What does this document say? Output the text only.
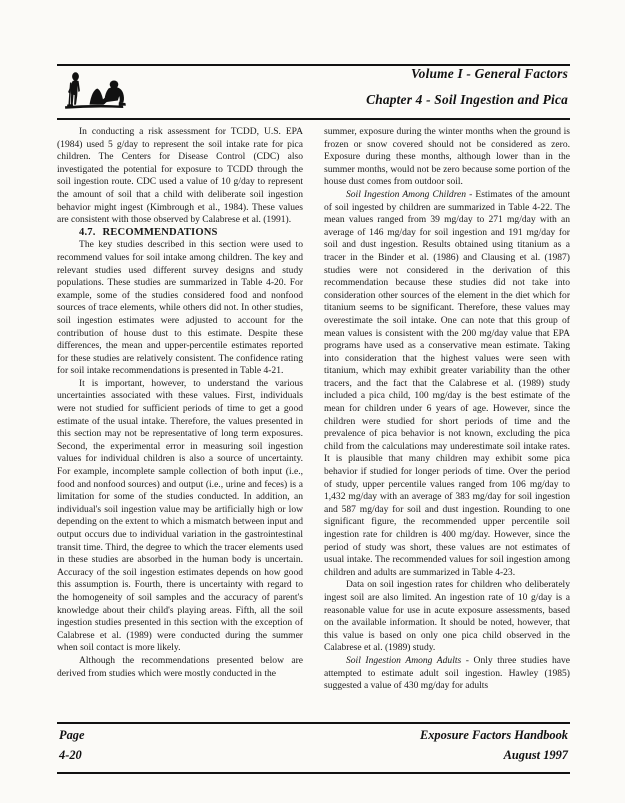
Volume I - General Factors
Chapter 4 - Soil Ingestion and Pica

In conducting a risk assessment for TCDD, U.S. EPA (1984) used 5 g/day to represent the soil intake rate for pica children. The Centers for Disease Control (CDC) also investigated the potential for exposure to TCDD through the soil ingestion route. CDC used a value of 10 g/day to represent the amount of soil that a child with deliberate soil ingestion behavior might ingest (Kimbrough et al., 1984). These values are consistent with those observed by Calabrese et al. (1991).

4.7. RECOMMENDATIONS

The key studies described in this section were used to recommend values for soil intake among children. The key and relevant studies used different survey designs and study populations. These studies are summarized in Table 4-20. For example, some of the studies considered food and nonfood sources of trace elements, while others did not. In other studies, soil ingestion estimates were adjusted to account for the contribution of house dust to this estimate. Despite these differences, the mean and upper-percentile estimates reported for these studies are relatively consistent. The confidence rating for soil intake recommendations is presented in Table 4-21.

It is important, however, to understand the various uncertainties associated with these values. First, individuals were not studied for sufficient periods of time to get a good estimate of the usual intake. Therefore, the values presented in this section may not be representative of long term exposures. Second, the experimental error in measuring soil ingestion values for individual children is also a source of uncertainty. For example, incomplete sample collection of both input (i.e., food and nonfood sources) and output (i.e., urine and feces) is a limitation for some of the studies conducted. In addition, an individual's soil ingestion value may be artificially high or low depending on the extent to which a mismatch between input and output occurs due to individual variation in the gastrointestinal transit time. Third, the degree to which the tracer elements used in these studies are absorbed in the human body is uncertain. Accuracy of the soil ingestion estimates depends on how good this assumption is. Fourth, there is uncertainty with regard to the homogeneity of soil samples and the accuracy of parent's knowledge about their child's playing areas. Fifth, all the soil ingestion studies presented in this section with the exception of Calabrese et al. (1989) were conducted during the summer when soil contact is more likely.

Although the recommendations presented below are derived from studies which were mostly conducted in the

summer, exposure during the winter months when the ground is frozen or snow covered should not be considered as zero. Exposure during these months, although lower than in the summer months, would not be zero because some portion of the house dust comes from outdoor soil.

Soil Ingestion Among Children - Estimates of the amount of soil ingested by children are summarized in Table 4-22. The mean values ranged from 39 mg/day to 271 mg/day with an average of 146 mg/day for soil ingestion and 191 mg/day for soil and dust ingestion. Results obtained using titanium as a tracer in the Binder et al. (1986) and Clausing et al. (1987) studies were not considered in the derivation of this recommendation because these studies did not take into consideration other sources of the element in the diet which for titanium seems to be significant. Therefore, these values may overestimate the soil intake. One can note that this group of mean values is consistent with the 200 mg/day value that EPA programs have used as a conservative mean estimate. Taking into consideration that the highest values were seen with titanium, which may exhibit greater variability than the other tracers, and the fact that the Calabrese et al. (1989) study included a pica child, 100 mg/day is the best estimate of the mean for children under 6 years of age. However, since the children were studied for short periods of time and the prevalence of pica behavior is not known, excluding the pica child from the calculations may underestimate soil intake rates. It is plausible that many children may exhibit some pica behavior if studied for longer periods of time. Over the period of study, upper percentile values ranged from 106 mg/day to 1,432 mg/day with an average of 383 mg/day for soil ingestion and 587 mg/day for soil and dust ingestion. Rounding to one significant figure, the recommended upper percentile soil ingestion rate for children is 400 mg/day. However, since the period of study was short, these values are not estimates of usual intake. The recommended values for soil ingestion among children and adults are summarized in Table 4-23.

Data on soil ingestion rates for children who deliberately ingest soil are also limited. An ingestion rate of 10 g/day is a reasonable value for use in acute exposure assessments, based on the available information. It should be noted, however, that this value is based on only one pica child observed in the Calabrese et al. (1989) study.

Soil Ingestion Among Adults - Only three studies have attempted to estimate adult soil ingestion. Hawley (1985) suggested a value of 430 mg/day for adults

Page
4-20
Exposure Factors Handbook
August 1997
